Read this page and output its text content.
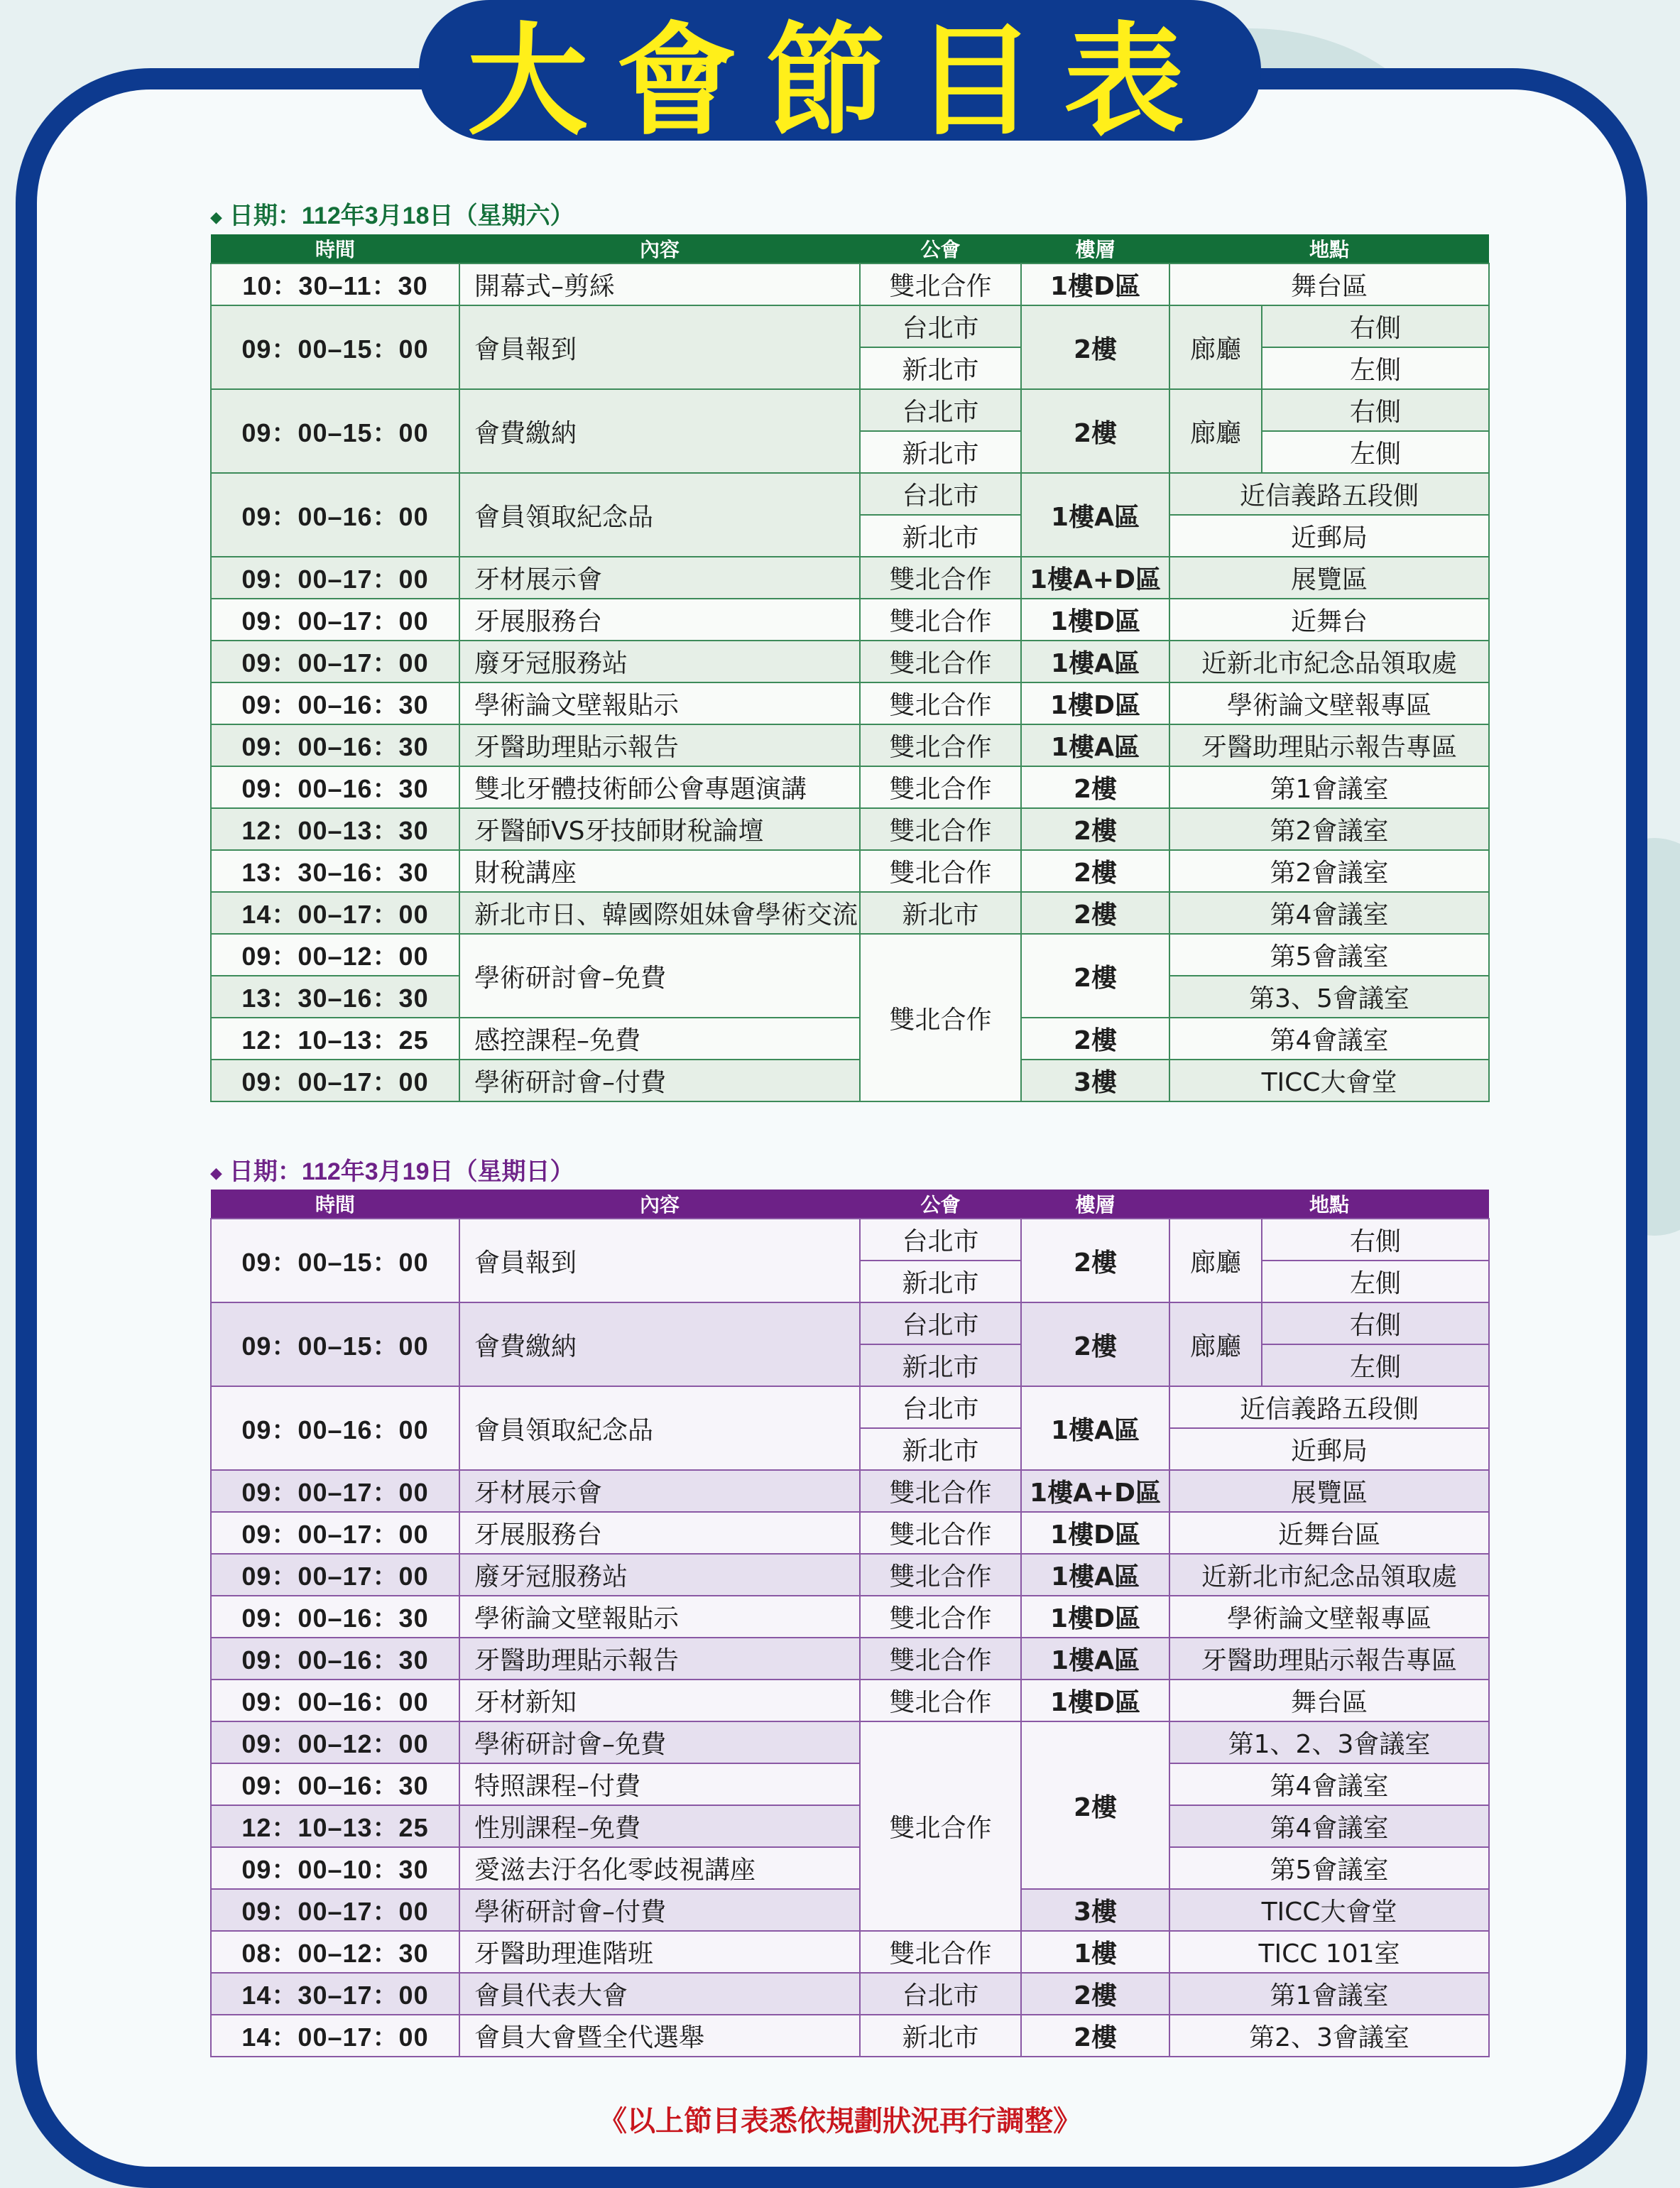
大會節目表
◆ 日期：112年3月18日（星期六）
時間	內容	公會	樓層	地點	
10：30–11：30	開幕式–剪綵	雙北合作	1樓D區	舞台區	
09：00–15：00	會員報到	台北市	2樓	廊廳	右側
		新北市			左側
09：00–15：00	會費繳納	台北市	2樓	廊廳	右側
		新北市			左側
09：00–16：00	會員領取紀念品	台北市	1樓A區	近信義路五段側	
		新北市		近郵局	
09：00–17：00	牙材展示會	雙北合作	1樓A+D區	展覽區	
09：00–17：00	牙展服務台	雙北合作	1樓D區	近舞台	
09：00–17：00	廢牙冠服務站	雙北合作	1樓A區	近新北市紀念品領取處	
09：00–16：30	學術論文壁報貼示	雙北合作	1樓D區	學術論文壁報專區	
09：00–16：30	牙醫助理貼示報告	雙北合作	1樓A區	牙醫助理貼示報告專區	
09：00–16：30	雙北牙體技術師公會專題演講	雙北合作	2樓	第1會議室	
12：00–13：30	牙醫師VS牙技師財稅論壇	雙北合作	2樓	第2會議室	
13：30–16：30	財稅講座	雙北合作	2樓	第2會議室	
14：00–17：00	新北市日、韓國際姐妹會學術交流	新北市	2樓	第4會議室	
09：00–12：00	學術研討會–免費	雙北合作	2樓	第5會議室	
13：30–16：30				第3、5會議室	
12：10–13：25	感控課程–免費		2樓	第4會議室	
09：00–17：00	學術研討會–付費		3樓	TICC大會堂	
◆ 日期：112年3月19日（星期日）
時間	內容	公會	樓層	地點	
09：00–15：00	會員報到	台北市	2樓	廊廳	右側
		新北市			左側
09：00–15：00	會費繳納	台北市	2樓	廊廳	右側
		新北市			左側
09：00–16：00	會員領取紀念品	台北市	1樓A區	近信義路五段側	
		新北市		近郵局	
09：00–17：00	牙材展示會	雙北合作	1樓A+D區	展覽區	
09：00–17：00	牙展服務台	雙北合作	1樓D區	近舞台區	
09：00–17：00	廢牙冠服務站	雙北合作	1樓A區	近新北市紀念品領取處	
09：00–16：30	學術論文壁報貼示	雙北合作	1樓D區	學術論文壁報專區	
09：00–16：30	牙醫助理貼示報告	雙北合作	1樓A區	牙醫助理貼示報告專區	
09：00–16：00	牙材新知	雙北合作	1樓D區	舞台區	
09：00–12：00	學術研討會–免費	雙北合作	2樓	第1、2、3會議室	
09：00–16：30	特照課程–付費			第4會議室	
12：10–13：25	性別課程–免費			第4會議室	
09：00–10：30	愛滋去汙名化零歧視講座			第5會議室	
09：00–17：00	學術研討會–付費		3樓	TICC大會堂	
08：00–12：30	牙醫助理進階班	雙北合作	1樓	TICC 101室	
14：30–17：00	會員代表大會	台北市	2樓	第1會議室	
14：00–17：00	會員大會暨全代選舉	新北市	2樓	第2、3會議室	
《以上節目表悉依規劃狀況再行調整》
